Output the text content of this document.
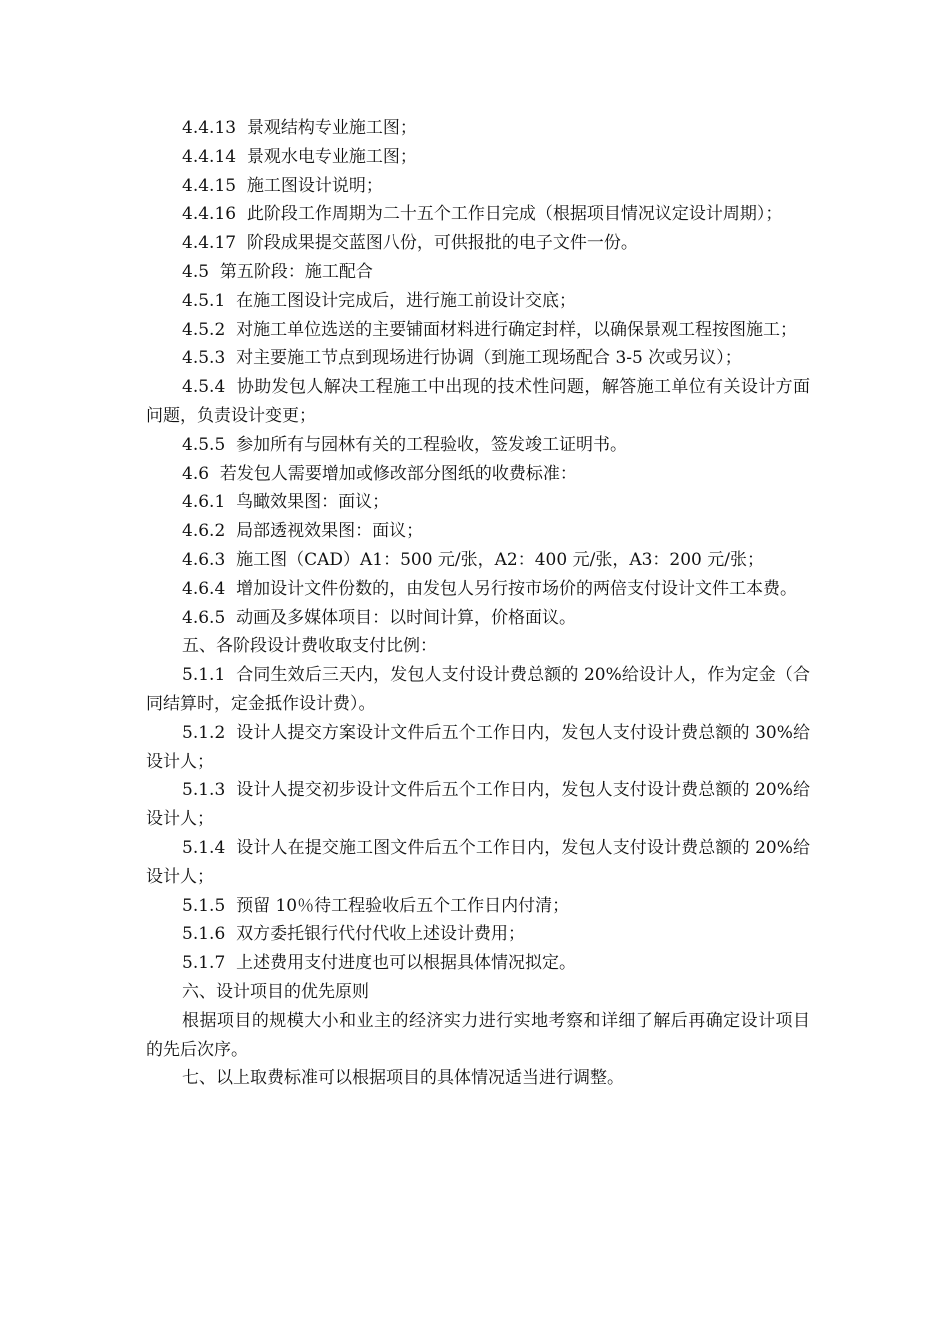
4.4.13  景观结构专业施工图；

4.4.14  景观水电专业施工图；

4.4.15  施工图设计说明；

4.4.16  此阶段工作周期为二十五个工作日完成（根据项目情况议定设计周期）；

4.4.17  阶段成果提交蓝图八份，可供报批的电子文件一份。

4.5  第五阶段：施工配合

4.5.1  在施工图设计完成后，进行施工前设计交底；

4.5.2  对施工单位选送的主要铺面材料进行确定封样，以确保景观工程按图施工；

4.5.3  对主要施工节点到现场进行协调（到施工现场配合 3-5 次或另议）；

4.5.4  协助发包人解决工程施工中出现的技术性问题，解答施工单位有关设计方面问题，负责设计变更；

4.5.5  参加所有与园林有关的工程验收，签发竣工证明书。

4.6  若发包人需要增加或修改部分图纸的收费标准：

4.6.1  鸟瞰效果图：面议；

4.6.2  局部透视效果图：面议；

4.6.3  施工图（CAD）A1：500 元/张，A2：400 元/张，A3：200 元/张；

4.6.4  增加设计文件份数的，由发包人另行按市场价的两倍支付设计文件工本费。

4.6.5  动画及多媒体项目：以时间计算，价格面议。

五、各阶段设计费收取支付比例：

5.1.1  合同生效后三天内，发包人支付设计费总额的 20%给设计人，作为定金（合同结算时，定金抵作设计费）。

5.1.2  设计人提交方案设计文件后五个工作日内，发包人支付设计费总额的 30%给设计人；

5.1.3  设计人提交初步设计文件后五个工作日内，发包人支付设计费总额的 20%给设计人；

5.1.4  设计人在提交施工图文件后五个工作日内，发包人支付设计费总额的 20%给设计人；

5.1.5  预留 10％待工程验收后五个工作日内付清；

5.1.6  双方委托银行代付代收上述设计费用；

5.1.7  上述费用支付进度也可以根据具体情况拟定。

六、设计项目的优先原则

根据项目的规模大小和业主的经济实力进行实地考察和详细了解后再确定设计项目的先后次序。

七、以上取费标准可以根据项目的具体情况适当进行调整。
